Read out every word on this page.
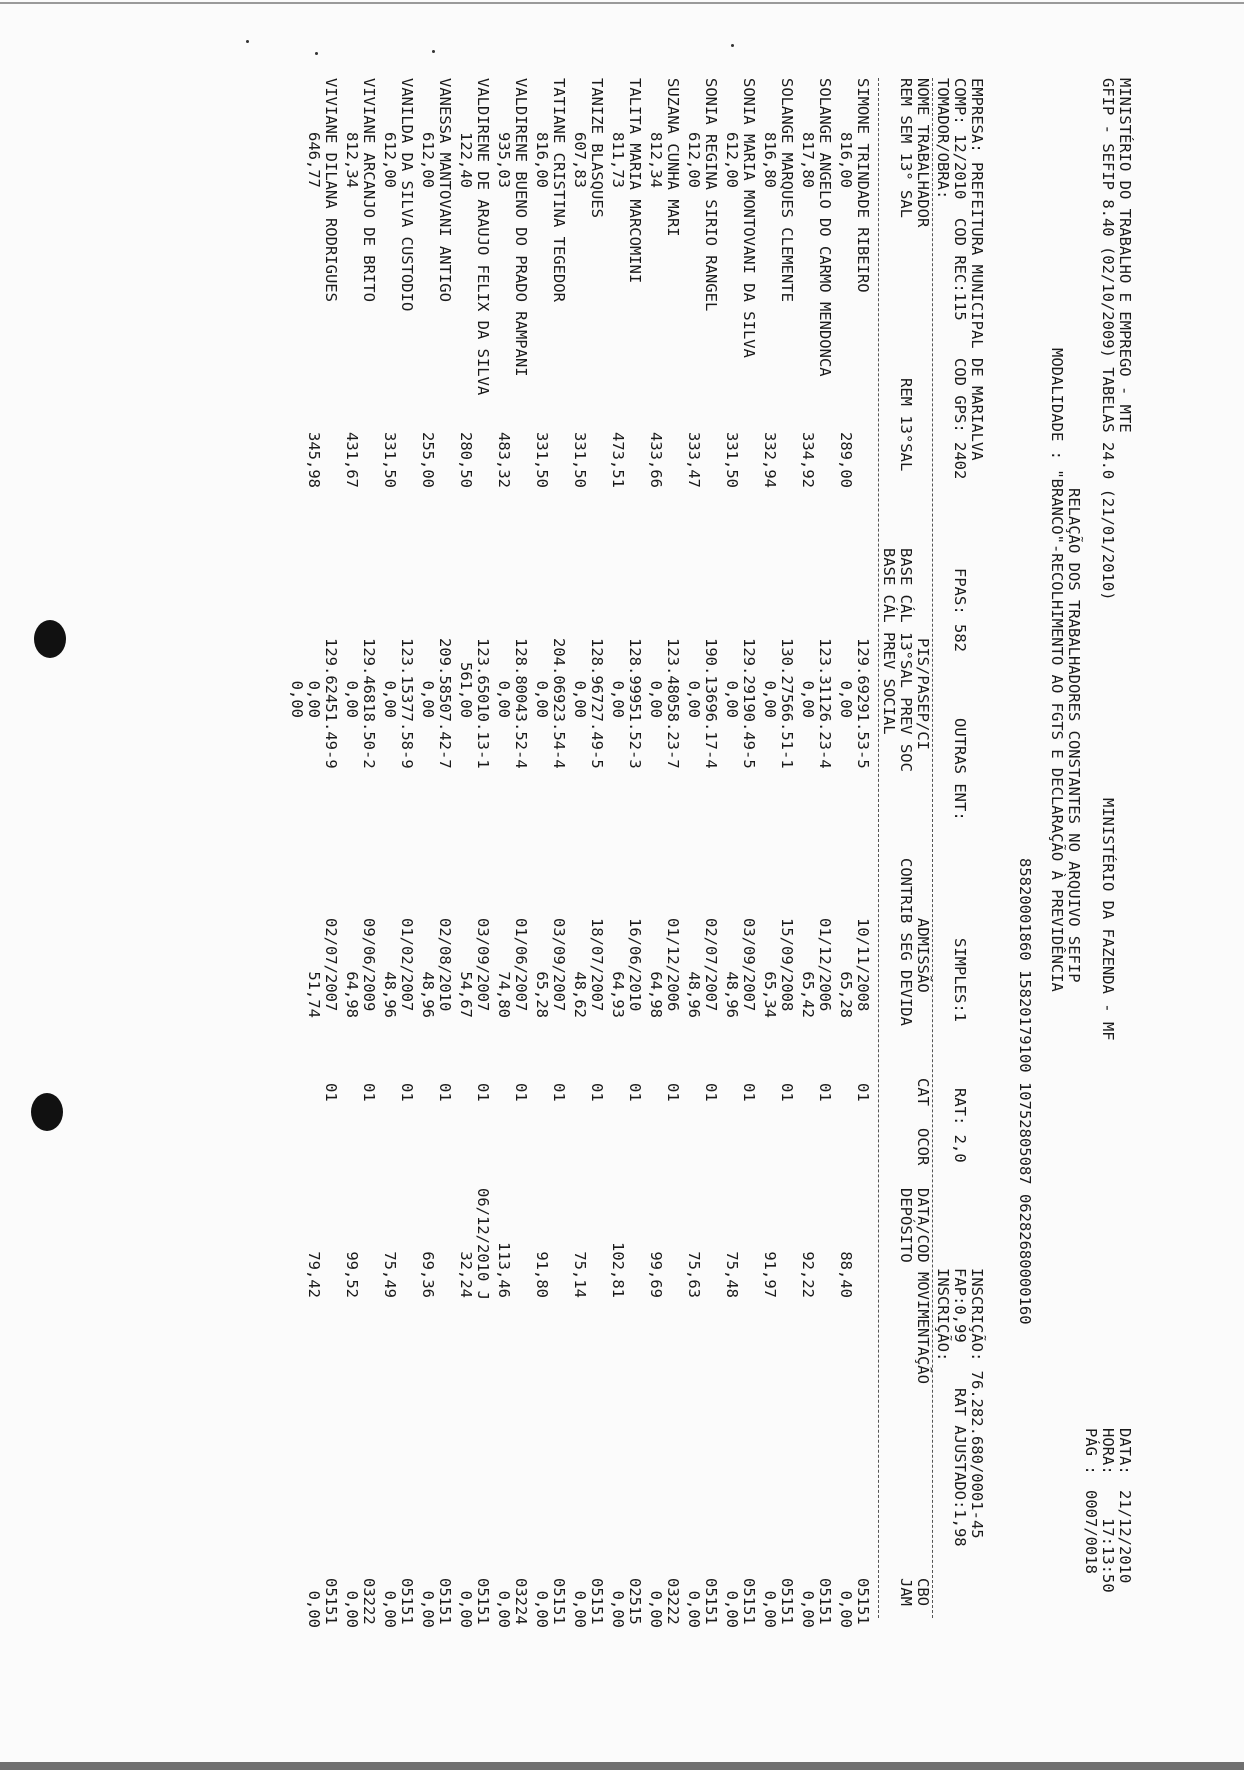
MINISTÉRIO DO TRABALHO E EMPREGO - MTE

DATA:

21/12/2010

GFIP - SEFIP 8.40 (02/10/2009) TABELAS 24.0 (21/01/2010)

MINISTÉRIO DA FAZENDA - MF

HORA:

17:13:50

PÁG :

0007/0018

RELAÇÃO DOS TRABALHADORES CONSTANTES NO ARQUIVO SEFIP

MODALIDADE : "BRANCO"-RECOLHIMENTO AO FGTS E DECLARAÇÃO À PREVIDÊNCIA

85820001860 15820179100 10752805087 06282680000160

EMPRESA: PREFEITURA MUNICIPAL DE MARIALVA

INSCRIÇÃO: 76.282.680/0001-45

COMP: 12/2010

COD REC:115

COD GPS: 2402

FPAS: 582

OUTRAS ENT:

SIMPLES:1

RAT: 2,0

FAP:0,99

RAT AJUSTADO:1,98

TOMADOR/OBRA:

INSCRIÇÃO:

NOME TRABALHADOR

PIS/PASEP/CI

ADMISSÃO

CAT

OCOR

DATA/COD MOVIMENTAÇÃO

CBO

REM SEM 13° SAL

REM 13°SAL

BASE CÁL 13°SAL PREV SOC

CONTRIB SEG DEVIDA

DEPÓSITO

JAM

BASE CÁL PREV SOCIAL

SIMONE TRINDADE RIBEIRO
129.69291.53-5
10/11/2008
01
05151
816,00
289,00
0,00
65,28
88,40
0,00
SOLANGE ANGELO DO CARMO MENDONCA
123.31126.23-4
01/12/2006
01
05151
817,80
334,92
0,00
65,42
92,22
0,00
SOLANGE MARQUES CLEMENTE
130.27566.51-1
15/09/2008
01
05151
816,80
332,94
0,00
65,34
91,97
0,00
SONIA MARIA MONTOVANI DA SILVA
129.29190.49-5
03/09/2007
01
05151
612,00
331,50
0,00
48,96
75,48
0,00
SONIA REGINA SIRIO RANGEL
190.13696.17-4
02/07/2007
01
05151
612,00
333,47
0,00
48,96
75,63
0,00
SUZANA CUNHA MARI
123.48058.23-7
01/12/2006
01
03222
812,34
433,66
0,00
64,98
99,69
0,00
TALITA MARIA MARCOMINI
128.99951.52-3
16/06/2010
01
02515
811,73
473,51
0,00
64,93
102,81
0,00
TANIZE BLASQUES
128.96727.49-5
18/07/2007
01
05151
607,83
331,50
0,00
48,62
75,14
0,00
TATIANE CRISTINA TEGEDOR
204.06923.54-4
03/09/2007
01
05151
816,00
331,50
0,00
65,28
91,80
0,00
VALDIRENE BUENO DO PRADO RAMPANI
128.80043.52-4
01/06/2007
01
03224
935,03
483,32
0,00
74,80
113,46
0,00
VALDIRENE DE ARAUJO FELIX DA SILVA
123.65010.13-1
03/09/2007
01
06/12/2010 J
05151
122,40
280,50
561,00
54,67
32,24
0,00
VANESSA MANTOVANI ANTIGO
209.58507.42-7
02/08/2010
01
05151
612,00
255,00
0,00
48,96
69,36
0,00
VANILDA DA SILVA CUSTODIO
123.15377.58-9
01/02/2007
01
05151
612,00
331,50
0,00
48,96
75,49
0,00
VIVIANE ARCANJO DE BRITO
129.46818.50-2
09/06/2009
01
03222
812,34
431,67
0,00
64,98
99,52
0,00
VIVIANE DILANA RODRIGUES
129.62451.49-9
02/07/2007
01
05151
646,77
345,98
0,00
51,74
79,42
0,00
0,00
